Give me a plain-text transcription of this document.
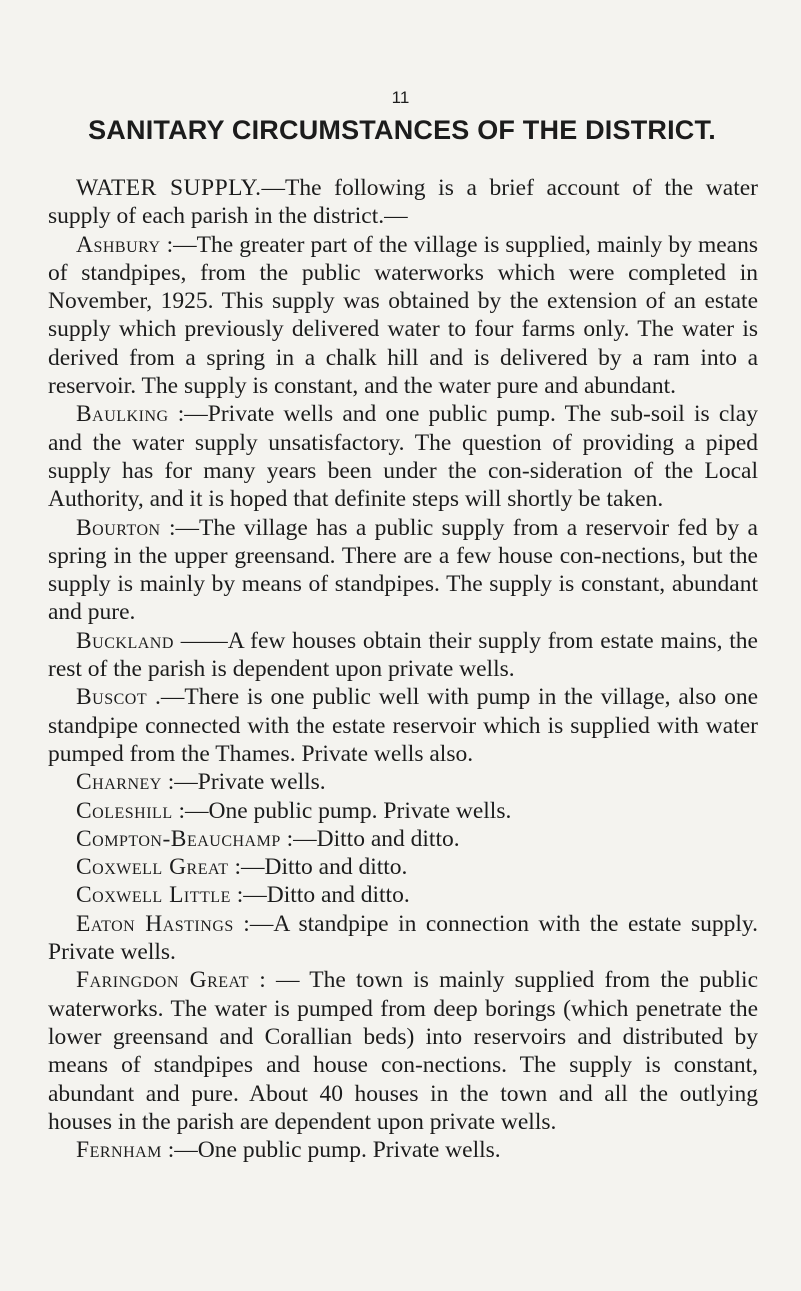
11
SANITARY CIRCUMSTANCES OF THE DISTRICT.

WATER SUPPLY.—The following is a brief account of the water supply of each parish in the district.—

Ashbury :—The greater part of the village is supplied, mainly by means of standpipes, from the public waterworks which were completed in November, 1925. This supply was obtained by the extension of an estate supply which previously delivered water to four farms only. The water is derived from a spring in a chalk hill and is delivered by a ram into a reservoir. The supply is constant, and the water pure and abundant.

Baulking :—Private wells and one public pump. The sub-soil is clay and the water supply unsatisfactory. The question of providing a piped supply has for many years been under the con-sideration of the Local Authority, and it is hoped that definite steps will shortly be taken.

Bourton :—The village has a public supply from a reservoir fed by a spring in the upper greensand. There are a few house con-nections, but the supply is mainly by means of standpipes. The supply is constant, abundant and pure.

Buckland ——A few houses obtain their supply from estate mains, the rest of the parish is dependent upon private wells.

Buscot .—There is one public well with pump in the village, also one standpipe connected with the estate reservoir which is supplied with water pumped from the Thames. Private wells also.

Charney :—Private wells.

Coleshill :—One public pump. Private wells.

Compton-Beauchamp :—Ditto and ditto.

Coxwell Great :—Ditto and ditto.

Coxwell Little :—Ditto and ditto.

Eaton Hastings :—A standpipe in connection with the estate supply. Private wells.

Faringdon Great : — The town is mainly supplied from the public waterworks. The water is pumped from deep borings (which penetrate the lower greensand and Corallian beds) into reservoirs and distributed by means of standpipes and house con-nections. The supply is constant, abundant and pure. About 40 houses in the town and all the outlying houses in the parish are dependent upon private wells.

Fernham :—One public pump. Private wells.
